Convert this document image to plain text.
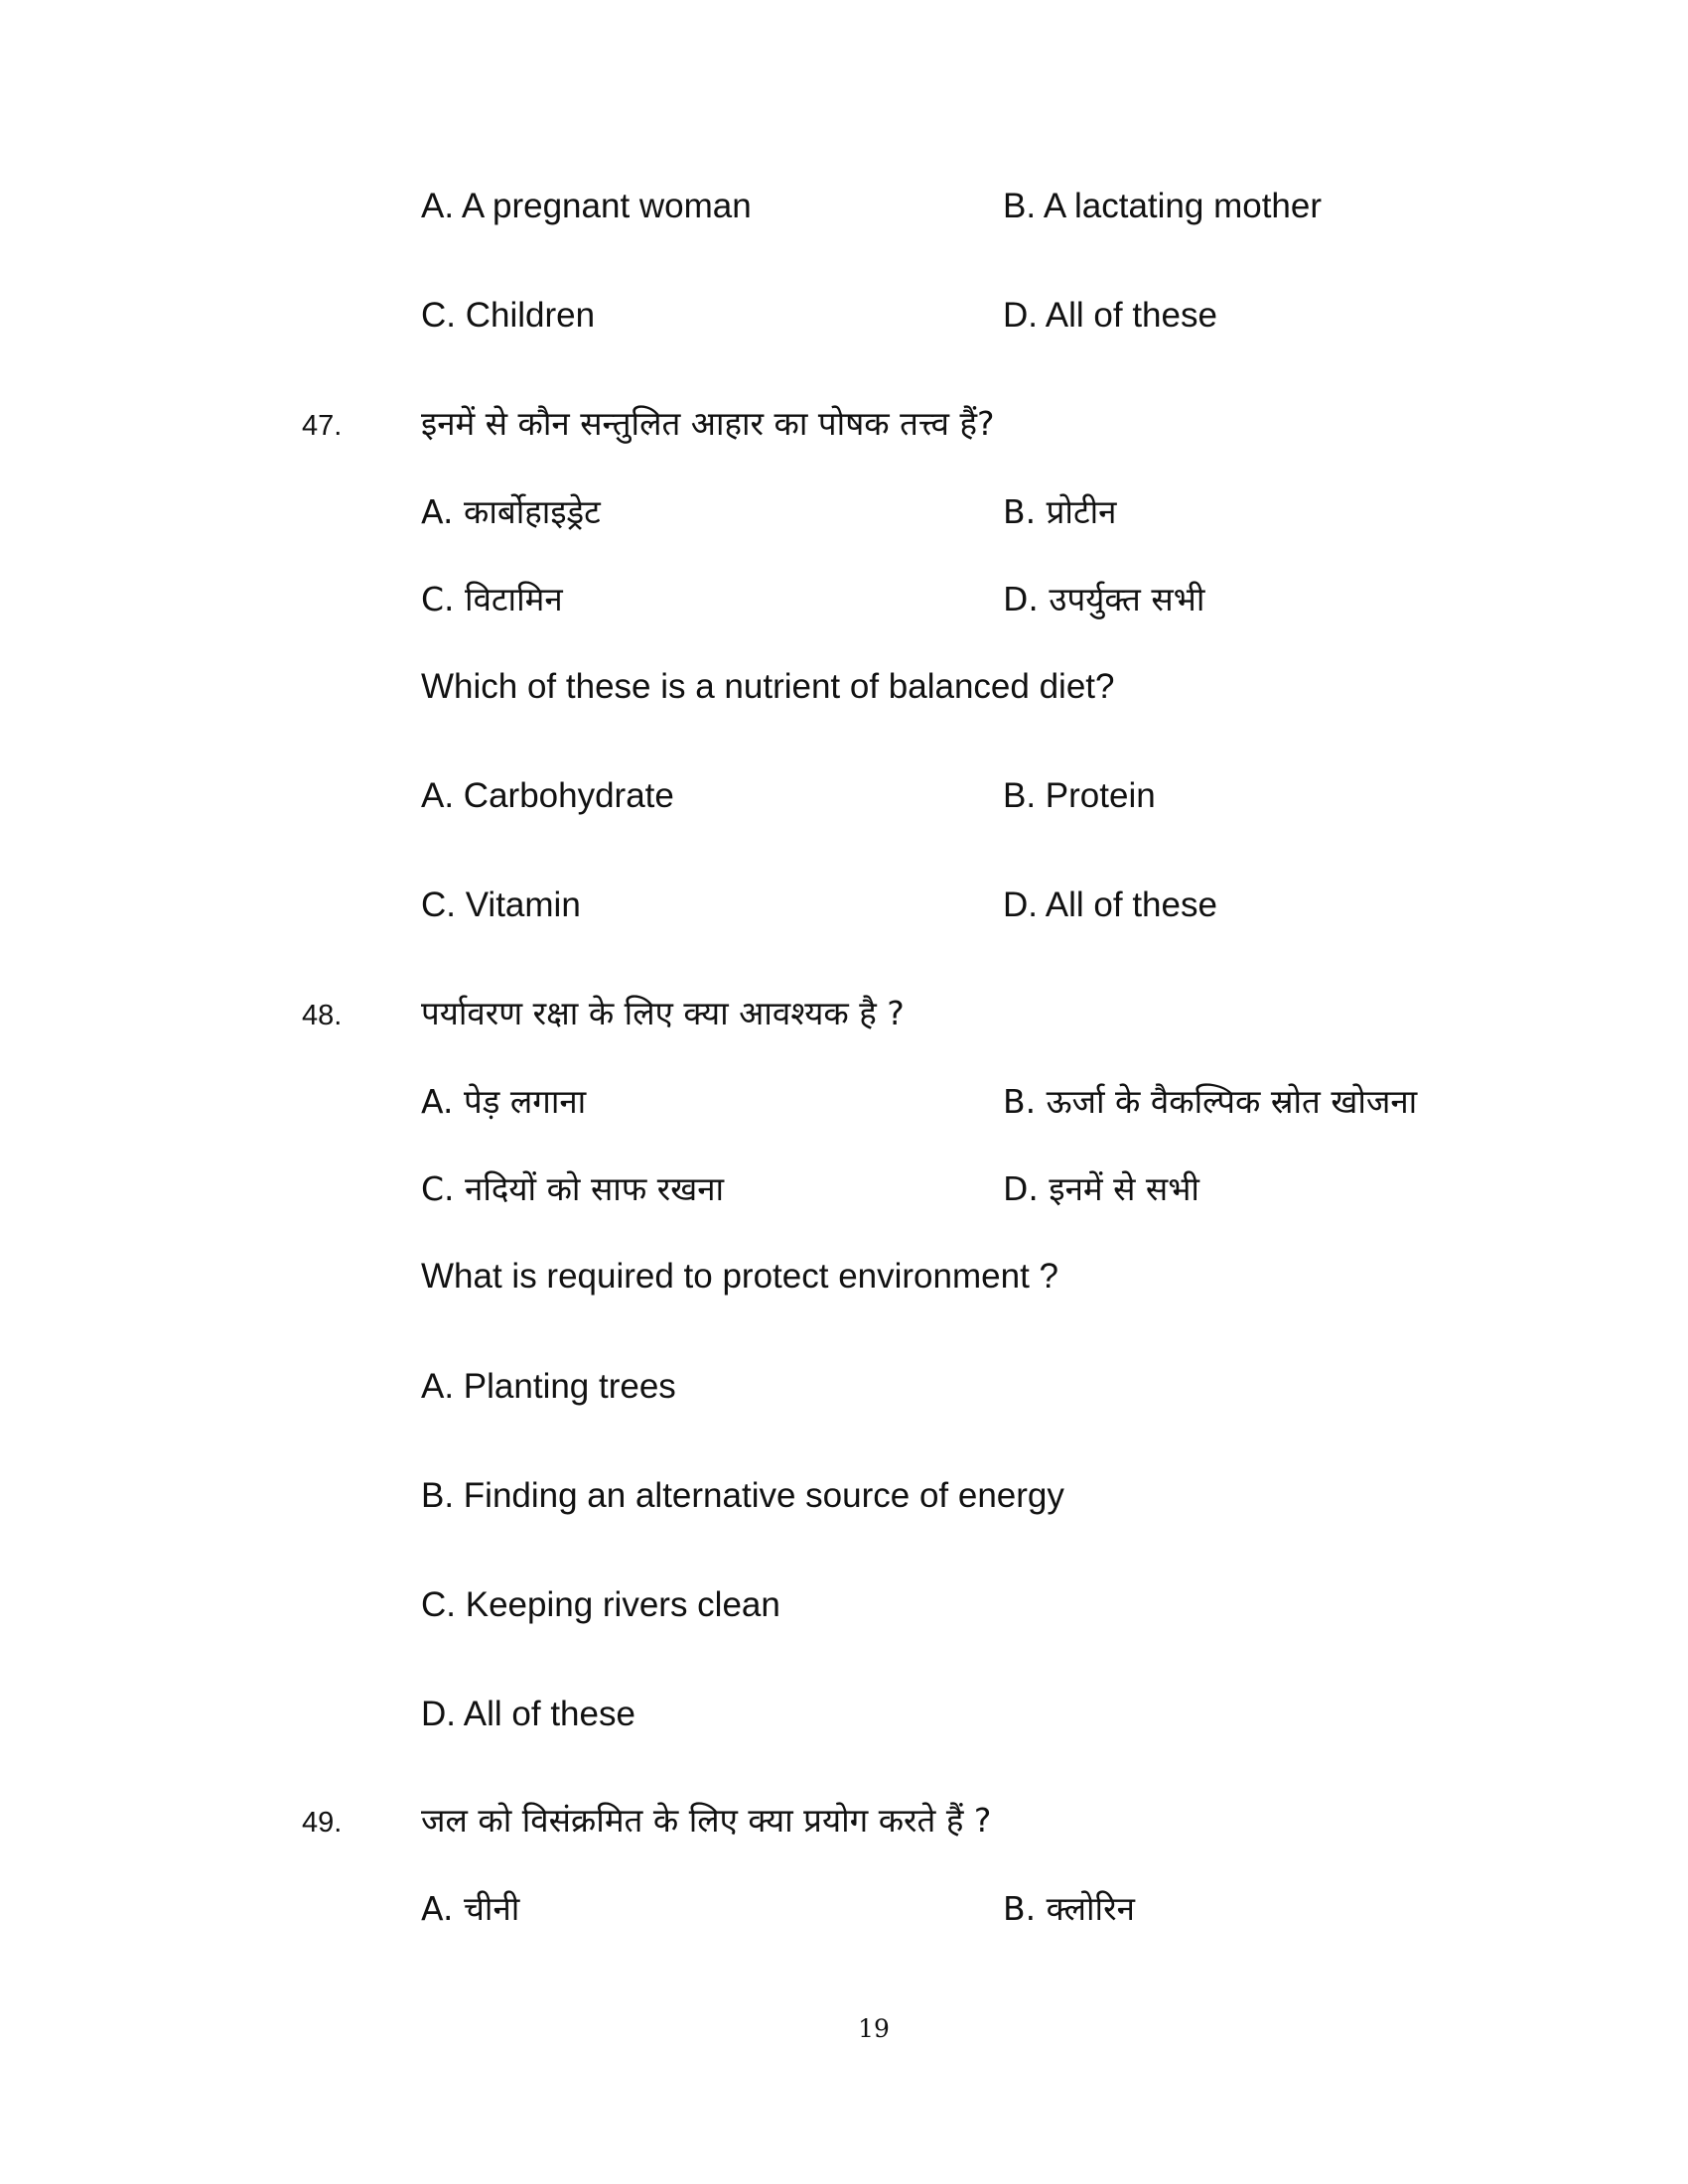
A. A pregnant woman	B. A lactating mother
C. Children	D. All of these
47. इनमें से कौन सन्तुलित आहार का पोषक तत्त्व हैं?
A. कार्बोहाइड्रेट	B. प्रोटीन
C. विटामिन	D. उपर्युक्त सभी
Which of these is a nutrient of balanced diet?
A. Carbohydrate	B. Protein
C. Vitamin	D. All of these
48. पर्यावरण रक्षा के लिए क्या आवश्यक है ?
A. पेड़ लगाना	B. ऊर्जा के वैकल्पिक स्रोत खोजना
C. नदियों को साफ रखना	D. इनमें से सभी
What is required to protect environment ?
A. Planting trees
B. Finding an alternative source of energy
C. Keeping rivers clean
D. All of these
49. जल को विसंक्रमित के लिए क्या प्रयोग करते हैं ?
A. चीनी	B. क्लोरिन
19
